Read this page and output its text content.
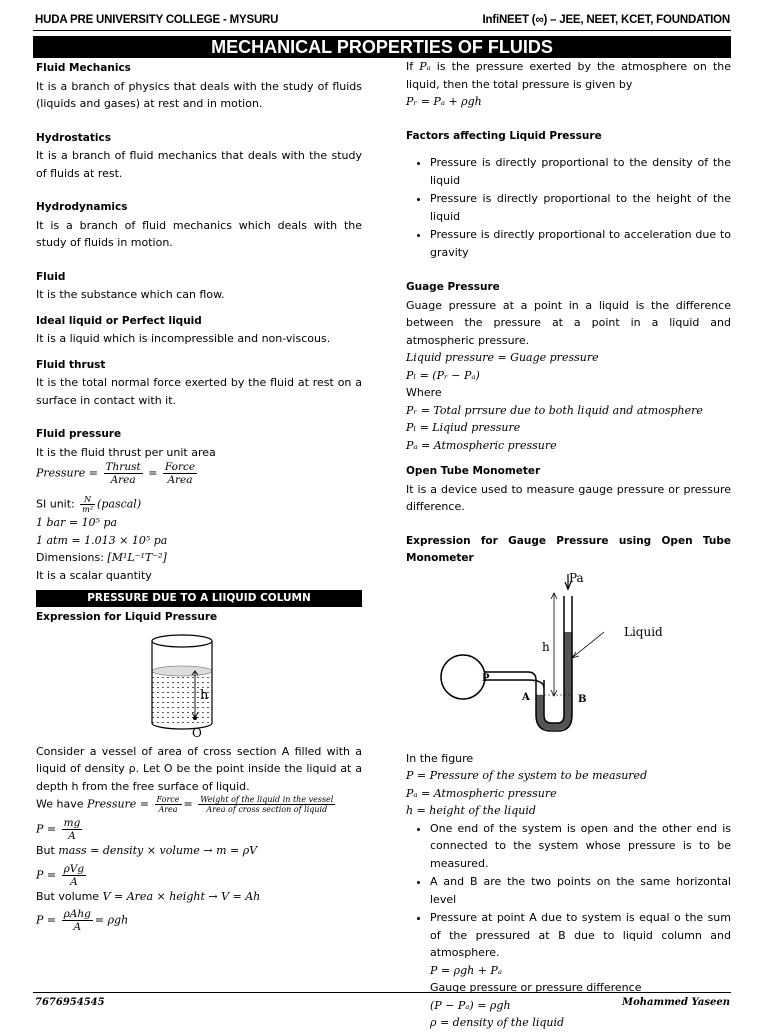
HUDA PRE UNIVERSITY COLLEGE - MYSURU	InfiNEET (∞) – JEE, NEET, KCET, FOUNDATION
MECHANICAL PROPERTIES OF FLUIDS

Fluid Mechanics

It is a branch of physics that deals with the study of fluids (liquids and gases) at rest and in motion.

Hydrostatics

It is a branch of fluid mechanics that deals with the study of fluids at rest.

Hydrodynamics

It is a branch of fluid mechanics which deals with the study of fluids in motion.

Fluid

It is the substance which can flow.

Ideal liquid or Perfect liquid

It is a liquid which is incompressible and non-viscous.

Fluid thrust

It is the total normal force exerted by the fluid at rest on a surface in contact with it.

Fluid pressure

It is the fluid thrust per unit area

Pressure = $\frac{\text{Thrust}}{\text{Area}} = \frac{\text{Force}}{\text{Area}}$

SI unit: $\frac{N}{\text{m²}}$ (pascal)

1 bar = 10⁵ pa

1 atm = 1.013 × 10⁵ pa

Dimensions: [M¹L⁻¹T⁻²]

It is a scalar quantity

PRESSURE DUE TO A LIIQUID COLUMN

Expression for Liquid Pressure

h
O

Consider a vessel of area of cross section A filled with a liquid of density ρ. Let O be the point inside the liquid at a depth h from the free surface of liquid.

We have Pressure = $\frac{\text{Force}}{\text{Area}} = \frac{\text{Weight of the liquid in the vessel}}{\text{Area of cross section of liquid}}$

$P = \frac{mg}{A}$

But mass = density × volume → m = ρV

$P = \frac{\text{ρVg}}{A}$

But volume V = Area × height → V = Ah

$P = \frac{\text{ρAhg}}{A} = \rho gh$

If Pₐ is the pressure exerted by the atmosphere on the liquid, then the total pressure is given by

Pᵣ = Pₐ + ρgh

Factors affecting Liquid Pressure

• Pressure is directly proportional to the density of the liquid
• Pressure is directly proportional to the height of the liquid
• Pressure is directly proportional to acceleration due to gravity

Guage Pressure

Guage pressure at a point in a liquid is the difference between the pressure at a point in a liquid and atmospheric pressure.

Liquid pressure = Guage pressure

Pₗ = (Pᵣ − Pₐ)

Where

Pᵣ = Total prrsure due to both liquid and atmosphere

Pₗ = Liqiud pressure

Pₐ = Atmospheric pressure

Open Tube Monometer

It is a device used to measure gauge pressure or pressure difference.

Expression for Gauge Pressure using Open Tube Monometer

Pa
Liquid
h
P
A	B

In the figure

P = Pressure of the system to be measured

Pₐ = Atmospheric pressure

h = height of the liquid

• One end of the system is open and the other end is connected to the system whose pressure is to be measured.
• A and B are the two points on the same horizontal level
• Pressure at point A due to system is equal o the sum of the pressured at B due to liquid column and atmosphere.
P = ρgh + Pₐ
Gauge pressure or pressure difference
(P − Pₐ) = ρgh
ρ = density of the liquid
7676954545	Mohammed Yaseen
